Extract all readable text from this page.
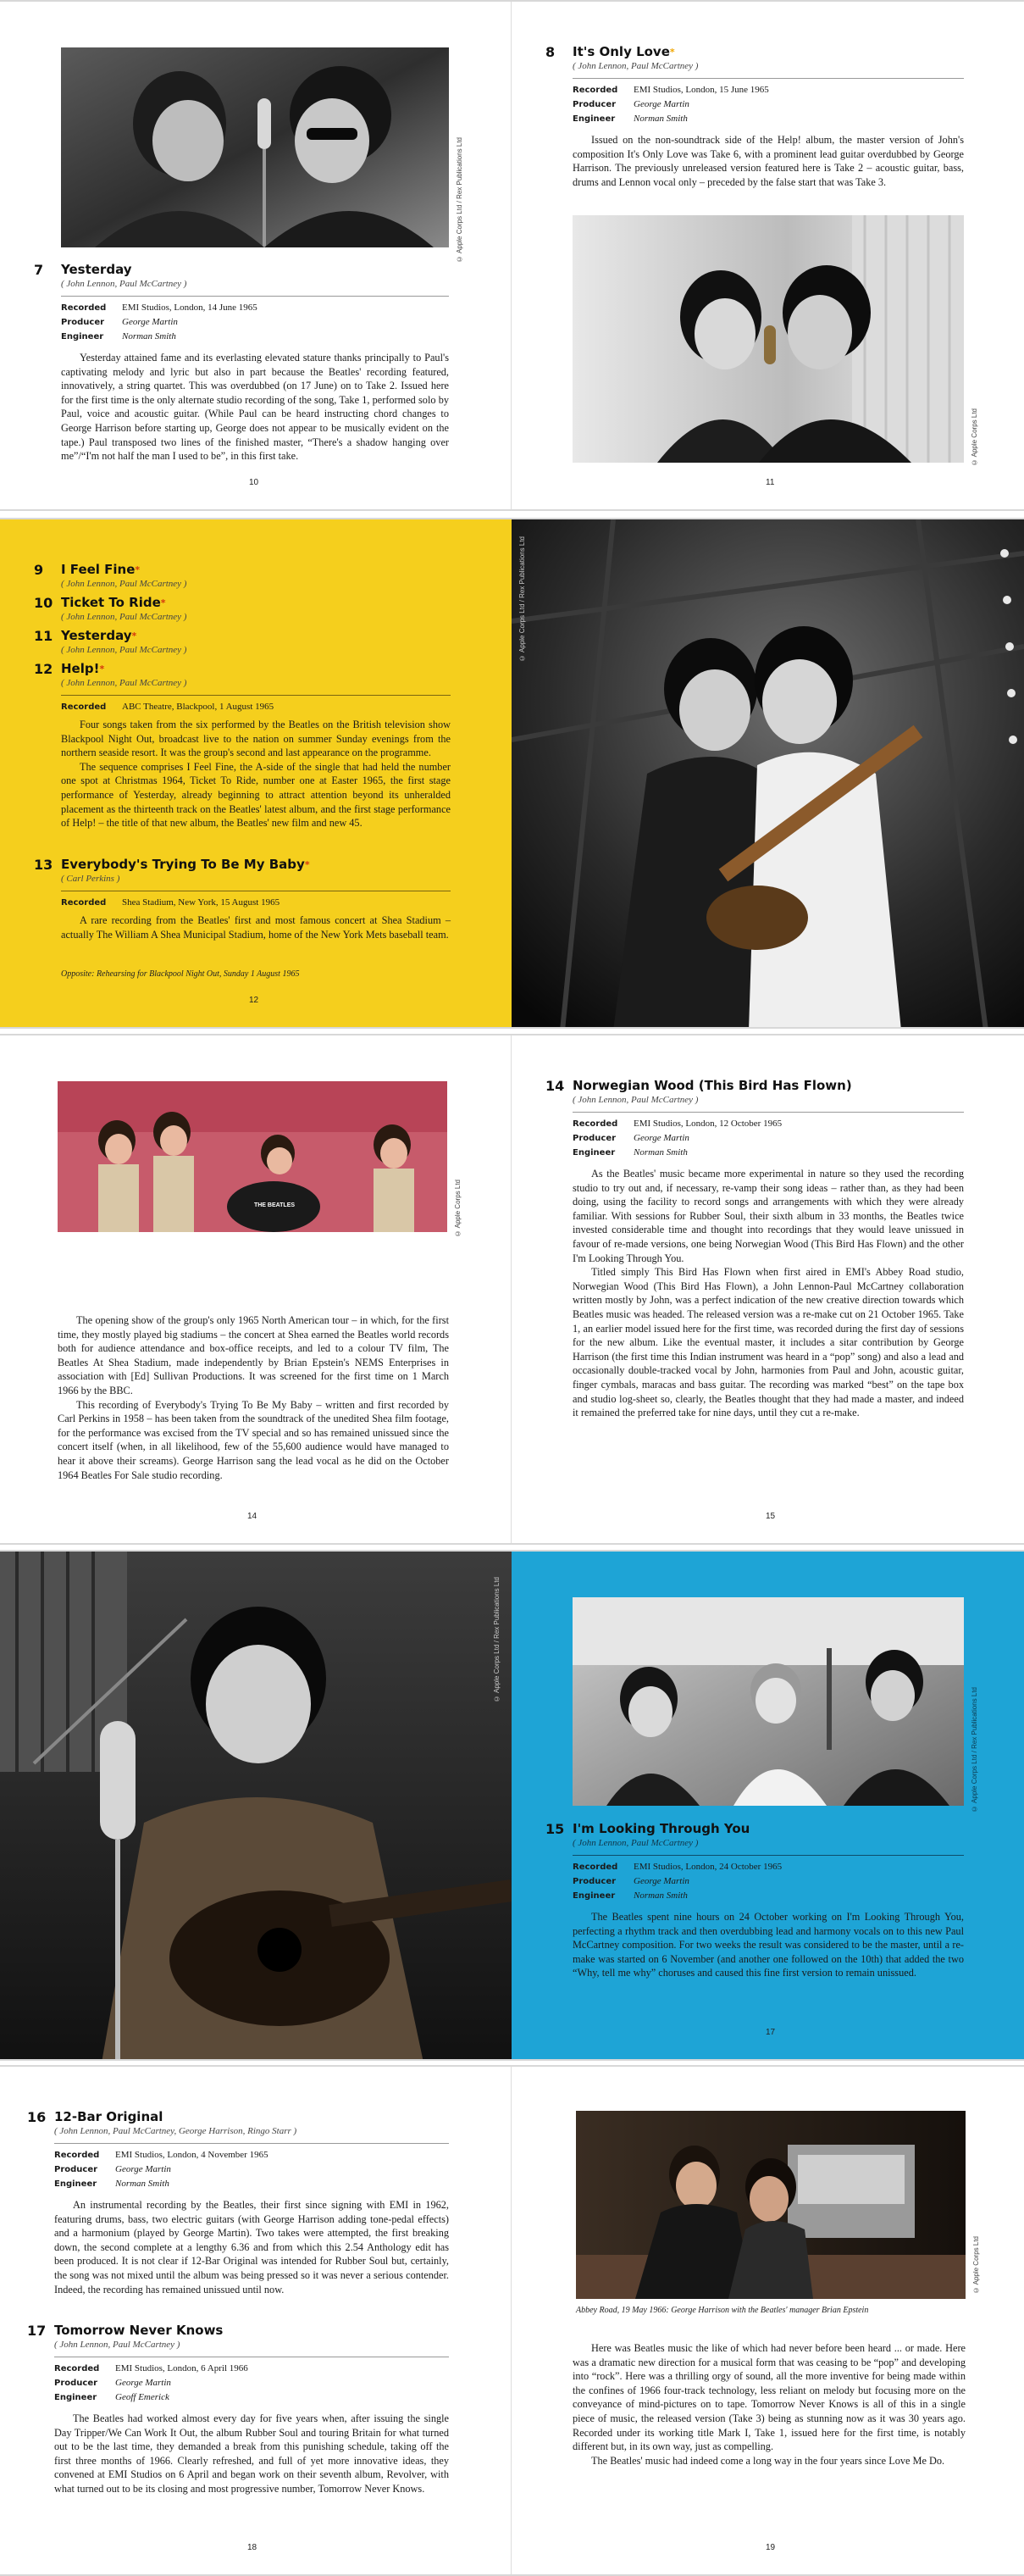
© Apple Corps Ltd / Rex Publications Ltd
7 Yesterday
( John Lennon, Paul McCartney )
Recorded EMI Studios, London, 14 June 1965
Producer George Martin
Engineer Norman Smith

Yesterday attained fame and its everlasting elevated stature thanks principally to Paul's captivating melody and lyric but also in part because the Beatles' recording featured, innovatively, a string quartet. This was overdubbed (on 17 June) on to Take 2. Issued here for the first time is the only alternate studio recording of the song, Take 1, performed solo by Paul, voice and acoustic guitar. (While Paul can be heard instructing chord changes to George Harrison before starting up, George does not appear to be musically evident on the tape.) Paul transposed two lines of the finished master, “There's a shadow hanging over me”/“I'm not half the man I used to be”, in this first take.

10
8 It's Only Love*
( John Lennon, Paul McCartney )
Recorded EMI Studios, London, 15 June 1965
Producer George Martin
Engineer Norman Smith

Issued on the non-soundtrack side of the Help! album, the master version of John's composition It's Only Love was Take 6, with a prominent lead guitar overdubbed by George Harrison. The previously unreleased version featured here is Take 2 – acoustic guitar, bass, drums and Lennon vocal only – preceded by the false start that was Take 3.

© Apple Corps Ltd
11
9 I Feel Fine*
( John Lennon, Paul McCartney )
10 Ticket To Ride*
( John Lennon, Paul McCartney )
11 Yesterday*
( John Lennon, Paul McCartney )
12 Help!*
( John Lennon, Paul McCartney )
Recorded ABC Theatre, Blackpool, 1 August 1965

Four songs taken from the six performed by the Beatles on the British television show Blackpool Night Out, broadcast live to the nation on summer Sunday evenings from the northern seaside resort. It was the group's second and last appearance on the programme.

The sequence comprises I Feel Fine, the A-side of the single that had held the number one spot at Christmas 1964, Ticket To Ride, number one at Easter 1965, the first stage performance of Yesterday, already beginning to attract attention beyond its unheralded placement as the thirteenth track on the Beatles' latest album, and the first stage performance of Help! – the title of that new album, the Beatles' new film and new 45.

13 Everybody's Trying To Be My Baby*
( Carl Perkins )
Recorded Shea Stadium, New York, 15 August 1965

A rare recording from the Beatles' first and most famous concert at Shea Stadium – actually The William A Shea Municipal Stadium, home of the New York Mets baseball team.

Opposite: Rehearsing for Blackpool Night Out, Sunday 1 August 1965
12
© Apple Corps Ltd / Rex Publications Ltd
THE BEATLES	© Apple Corps Ltd

The opening show of the group's only 1965 North American tour – in which, for the first time, they mostly played big stadiums – the concert at Shea earned the Beatles world records both for audience attendance and box-office receipts, and led to a colour TV film, The Beatles At Shea Stadium, made independently by Brian Epstein's NEMS Enterprises in association with [Ed] Sullivan Productions. It was screened for the first time on 1 March 1966 by the BBC.

This recording of Everybody's Trying To Be My Baby – written and first recorded by Carl Perkins in 1958 – has been taken from the soundtrack of the unedited Shea film footage, for the performance was excised from the TV special and so has remained unissued since the concert itself (when, in all likelihood, few of the 55,600 audience would have managed to hear it above their screams). George Harrison sang the lead vocal as he did on the October 1964 Beatles For Sale studio recording.

14
14 Norwegian Wood (This Bird Has Flown)
( John Lennon, Paul McCartney )
Recorded EMI Studios, London, 12 October 1965
Producer George Martin
Engineer Norman Smith

As the Beatles' music became more experimental in nature so they used the recording studio to try out and, if necessary, re-vamp their song ideas – rather than, as they had been doing, using the facility to record songs and arrangements with which they were already familiar. With sessions for Rubber Soul, their sixth album in 33 months, the Beatles twice invested considerable time and thought into recordings that they would leave unissued in favour of re-made versions, one being Norwegian Wood (This Bird Has Flown) and the other I'm Looking Through You.

Titled simply This Bird Has Flown when first aired in EMI's Abbey Road studio, Norwegian Wood (This Bird Has Flown), a John Lennon-Paul McCartney collaboration written mostly by John, was a perfect indication of the new creative direction towards which Beatles music was headed. The released version was a re-make cut on 21 October 1965. Take 1, an earlier model issued here for the first time, was recorded during the first day of sessions for the new album. Like the eventual master, it includes a sitar contribution by George Harrison (the first time this Indian instrument was heard in a “pop” song) and also a lead and occasionally double-tracked vocal by John, harmonies from Paul and John, acoustic guitar, finger cymbals, maracas and bass guitar. The recording was marked “best” on the tape box and studio log-sheet so, clearly, the Beatles thought that they had made a master, and indeed it remained the preferred take for nine days, until they cut a re-make.

15
© Apple Corps Ltd / Rex Publications Ltd
© Apple Corps Ltd / Rex Publications Ltd
15 I'm Looking Through You
( John Lennon, Paul McCartney )
Recorded EMI Studios, London, 24 October 1965
Producer George Martin
Engineer Norman Smith

The Beatles spent nine hours on 24 October working on I'm Looking Through You, perfecting a rhythm track and then overdubbing lead and harmony vocals on to this new Paul McCartney composition. For two weeks the result was considered to be the master, until a re-make was started on 6 November (and another one followed on the 10th) that added the two “Why, tell me why” choruses and caused this fine first version to remain unissued.

17
16 12-Bar Original
( John Lennon, Paul McCartney, George Harrison, Ringo Starr )
Recorded EMI Studios, London, 4 November 1965
Producer George Martin
Engineer Norman Smith

An instrumental recording by the Beatles, their first since signing with EMI in 1962, featuring drums, bass, two electric guitars (with George Harrison adding tone-pedal effects) and a harmonium (played by George Martin). Two takes were attempted, the first breaking down, the second complete at a lengthy 6.36 and from which this 2.54 Anthology edit has been produced. It is not clear if 12-Bar Original was intended for Rubber Soul but, certainly, the song was not mixed until the album was being pressed so it was never a serious contender. Indeed, the recording has remained unissued until now.

17 Tomorrow Never Knows
( John Lennon, Paul McCartney )
Recorded EMI Studios, London, 6 April 1966
Producer George Martin
Engineer Geoff Emerick

The Beatles had worked almost every day for five years when, after issuing the single Day Tripper/We Can Work It Out, the album Rubber Soul and touring Britain for what turned out to be the last time, they demanded a break from this punishing schedule, taking off the first three months of 1966. Clearly refreshed, and full of yet more innovative ideas, they convened at EMI Studios on 6 April and began work on their seventh album, Revolver, with what turned out to be its closing and most progressive number, Tomorrow Never Knows.

18
© Apple Corps Ltd
Abbey Road, 19 May 1966: George Harrison with the Beatles' manager Brian Epstein

Here was Beatles music the like of which had never before been heard ... or made. Here was a dramatic new direction for a musical form that was ceasing to be “pop” and developing into “rock”. Here was a thrilling orgy of sound, all the more inventive for being made within the confines of 1966 four-track technology, less reliant on melody but focusing more on the conveyance of mind-pictures on to tape. Tomorrow Never Knows is all of this in a single piece of music, the released version (Take 3) being as stunning now as it was 30 years ago. Recorded under its working title Mark I, Take 1, issued here for the first time, is notably different but, in its own way, just as compelling.

The Beatles' music had indeed come a long way in the four years since Love Me Do.

19
